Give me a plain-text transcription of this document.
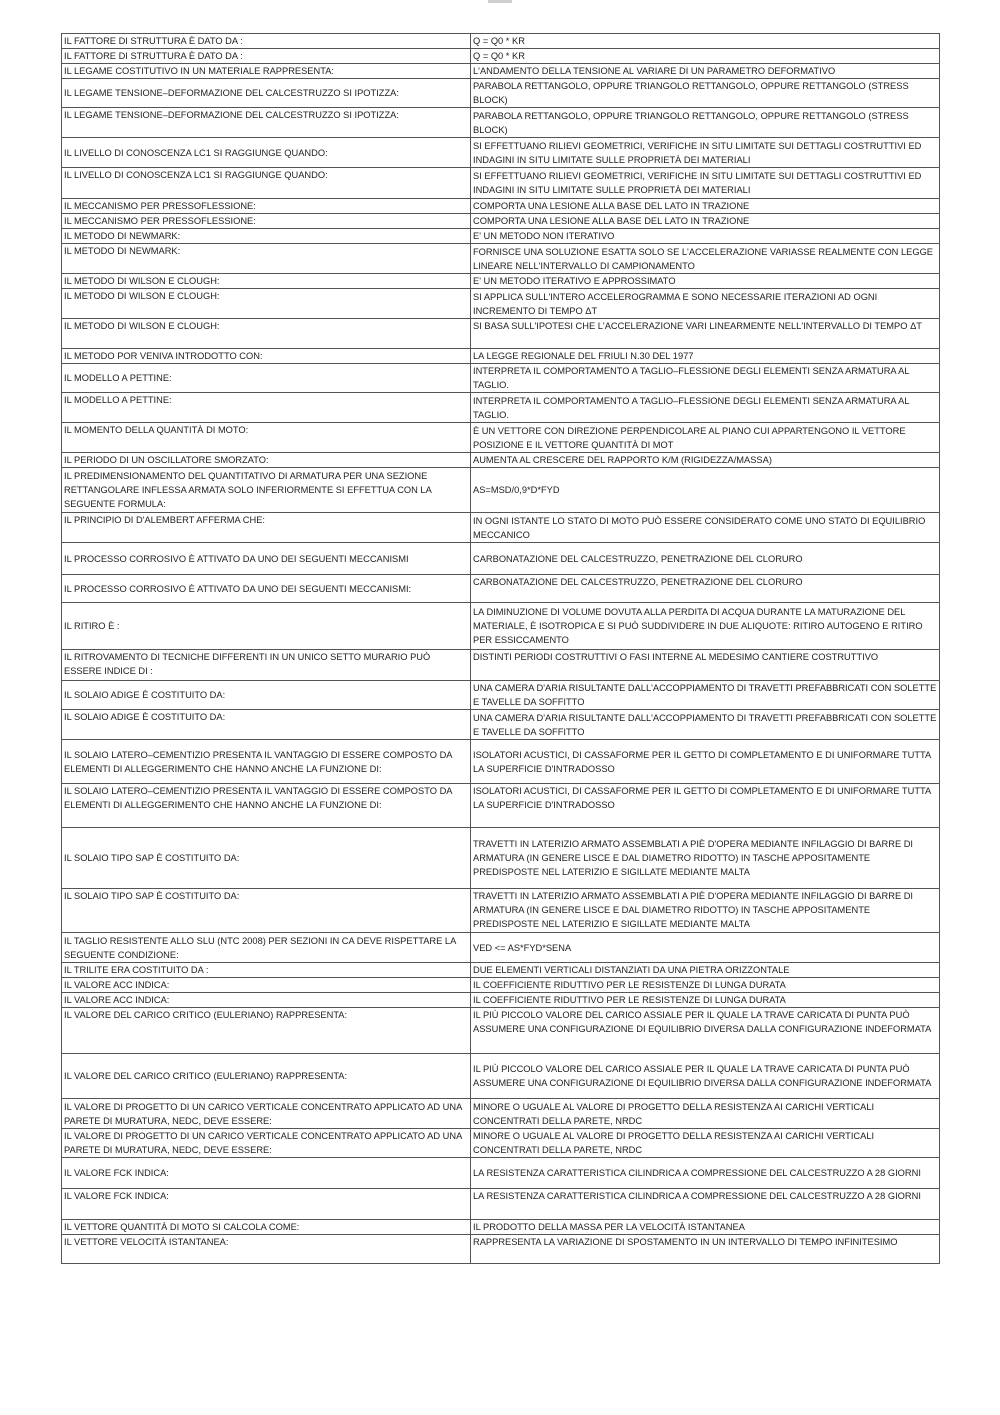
IL FATTORE DI STRUTTURA È DATO DA :	Q = Q0 * KR
IL FATTORE DI STRUTTURA È DATO DA :	Q = Q0 * KR
IL LEGAME COSTITUTIVO IN UN MATERIALE RAPPRESENTA:	L'ANDAMENTO DELLA TENSIONE AL VARIARE DI UN PARAMETRO DEFORMATIVO
IL LEGAME TENSIONE–DEFORMAZIONE DEL CALCESTRUZZO SI IPOTIZZA:	PARABOLA RETTANGOLO, OPPURE TRIANGOLO RETTANGOLO, OPPURE RETTANGOLO (STRESS BLOCK)
IL LEGAME TENSIONE–DEFORMAZIONE DEL CALCESTRUZZO SI IPOTIZZA:	PARABOLA RETTANGOLO, OPPURE TRIANGOLO RETTANGOLO, OPPURE RETTANGOLO (STRESS BLOCK)
IL LIVELLO DI CONOSCENZA LC1 SI RAGGIUNGE QUANDO:	SI EFFETTUANO RILIEVI GEOMETRICI, VERIFICHE IN SITU LIMITATE SUI DETTAGLI COSTRUTTIVI ED INDAGINI IN SITU LIMITATE SULLE PROPRIETÀ DEI MATERIALI
IL LIVELLO DI CONOSCENZA LC1 SI RAGGIUNGE QUANDO:	SI EFFETTUANO RILIEVI GEOMETRICI, VERIFICHE IN SITU LIMITATE SUI DETTAGLI COSTRUTTIVI ED INDAGINI IN SITU LIMITATE SULLE PROPRIETÀ DEI MATERIALI
IL MECCANISMO PER PRESSOFLESSIONE:	COMPORTA UNA LESIONE ALLA BASE DEL LATO IN TRAZIONE
IL MECCANISMO PER PRESSOFLESSIONE:	COMPORTA UNA LESIONE ALLA BASE DEL LATO IN TRAZIONE
IL METODO DI NEWMARK:	E' UN METODO NON ITERATIVO
IL METODO DI NEWMARK:	FORNISCE UNA SOLUZIONE ESATTA SOLO SE L'ACCELERAZIONE VARIASSE REALMENTE CON LEGGE LINEARE NELL'INTERVALLO DI CAMPIONAMENTO
IL METODO DI WILSON E CLOUGH:	E' UN METODO ITERATIVO E APPROSSIMATO
IL METODO DI WILSON E CLOUGH:	SI APPLICA SULL'INTERO ACCELEROGRAMMA E SONO NECESSARIE ITERAZIONI AD OGNI INCREMENTO DI TEMPO ΔT
IL METODO DI WILSON E CLOUGH:	SI BASA SULL'IPOTESI CHE L'ACCELERAZIONE VARI LINEARMENTE NELL'INTERVALLO DI TEMPO ΔT
IL METODO POR VENIVA INTRODOTTO CON:	LA LEGGE REGIONALE DEL FRIULI N.30 DEL 1977
IL MODELLO A PETTINE:	INTERPRETA IL COMPORTAMENTO A TAGLIO–FLESSIONE DEGLI ELEMENTI SENZA ARMATURA AL TAGLIO.
IL MODELLO A PETTINE:	INTERPRETA IL COMPORTAMENTO A TAGLIO–FLESSIONE DEGLI ELEMENTI SENZA ARMATURA AL TAGLIO.
IL MOMENTO DELLA QUANTITÀ DI MOTO:	È UN VETTORE CON DIREZIONE PERPENDICOLARE AL PIANO CUI APPARTENGONO IL VETTORE POSIZIONE E IL VETTORE QUANTITÀ DI MOT
IL PERIODO DI UN OSCILLATORE SMORZATO:	AUMENTA AL CRESCERE DEL RAPPORTO K/M (RIGIDEZZA/MASSA)
IL PREDIMENSIONAMENTO DEL QUANTITATIVO DI ARMATURA PER UNA SEZIONE RETTANGOLARE INFLESSA ARMATA SOLO INFERIORMENTE SI EFFETTUA CON LA SEGUENTE FORMULA:	AS=MSD/0,9*D*FYD
IL PRINCIPIO DI D'ALEMBERT AFFERMA CHE:	IN OGNI ISTANTE LO STATO DI MOTO PUÒ ESSERE CONSIDERATO COME UNO STATO DI EQUILIBRIO MECCANICO
IL PROCESSO CORROSIVO È ATTIVATO DA UNO DEI SEGUENTI MECCANISMI	CARBONATAZIONE DEL CALCESTRUZZO, PENETRAZIONE DEL CLORURO
IL PROCESSO CORROSIVO È ATTIVATO DA UNO DEI SEGUENTI MECCANISMI:	CARBONATAZIONE DEL CALCESTRUZZO, PENETRAZIONE DEL CLORURO
IL RITIRO È :	LA DIMINUZIONE DI VOLUME DOVUTA ALLA PERDITA DI ACQUA DURANTE LA MATURAZIONE DEL MATERIALE, È ISOTROPICA E SI PUÒ SUDDIVIDERE IN DUE ALIQUOTE: RITIRO AUTOGENO E RITIRO PER ESSICCAMENTO
IL RITROVAMENTO DI TECNICHE DIFFERENTI IN UN UNICO SETTO MURARIO PUÒ ESSERE INDICE DI :	DISTINTI PERIODI COSTRUTTIVI O FASI INTERNE AL MEDESIMO CANTIERE COSTRUTTIVO
IL SOLAIO ADIGE È COSTITUITO DA:	UNA CAMERA D'ARIA RISULTANTE DALL'ACCOPPIAMENTO DI TRAVETTI PREFABBRICATI CON SOLETTE E TAVELLE DA SOFFITTO
IL SOLAIO ADIGE È COSTITUITO DA:	UNA CAMERA D'ARIA RISULTANTE DALL'ACCOPPIAMENTO DI TRAVETTI PREFABBRICATI CON SOLETTE E TAVELLE DA SOFFITTO
IL SOLAIO LATERO–CEMENTIZIO PRESENTA IL VANTAGGIO DI ESSERE COMPOSTO DA ELEMENTI DI ALLEGGERIMENTO CHE HANNO ANCHE LA FUNZIONE DI:	ISOLATORI ACUSTICI, DI CASSAFORME PER IL GETTO DI COMPLETAMENTO E DI UNIFORMARE TUTTA LA SUPERFICIE D'INTRADOSSO
IL SOLAIO LATERO–CEMENTIZIO PRESENTA IL VANTAGGIO DI ESSERE COMPOSTO DA ELEMENTI DI ALLEGGERIMENTO CHE HANNO ANCHE LA FUNZIONE DI:	ISOLATORI ACUSTICI, DI CASSAFORME PER IL GETTO DI COMPLETAMENTO E DI UNIFORMARE TUTTA LA SUPERFICIE D'INTRADOSSO
IL SOLAIO TIPO SAP È COSTITUITO DA:	TRAVETTI IN LATERIZIO ARMATO ASSEMBLATI A PIÈ D'OPERA MEDIANTE INFILAGGIO DI BARRE DI ARMATURA (IN GENERE LISCE E DAL DIAMETRO RIDOTTO) IN TASCHE APPOSITAMENTE PREDISPOSTE NEL LATERIZIO E SIGILLATE MEDIANTE MALTA
IL SOLAIO TIPO SAP È COSTITUITO DA:	TRAVETTI IN LATERIZIO ARMATO ASSEMBLATI A PIÈ D'OPERA MEDIANTE INFILAGGIO DI BARRE DI ARMATURA (IN GENERE LISCE E DAL DIAMETRO RIDOTTO) IN TASCHE APPOSITAMENTE PREDISPOSTE NEL LATERIZIO E SIGILLATE MEDIANTE MALTA
IL TAGLIO RESISTENTE ALLO SLU (NTC 2008) PER SEZIONI IN CA DEVE RISPETTARE LA SEGUENTE CONDIZIONE:	VED <= AS*FYD*SENA
IL TRILITE ERA COSTITUITO DA :	DUE ELEMENTI VERTICALI DISTANZIATI DA UNA PIETRA ORIZZONTALE
IL VALORE ACC INDICA:	IL COEFFICIENTE RIDUTTIVO PER LE RESISTENZE DI LUNGA DURATA
IL VALORE ACC INDICA:	IL COEFFICIENTE RIDUTTIVO PER LE RESISTENZE DI LUNGA DURATA
IL VALORE DEL CARICO CRITICO (EULERIANO) RAPPRESENTA:	IL PIÙ PICCOLO VALORE DEL CARICO ASSIALE PER IL QUALE LA TRAVE CARICATA DI PUNTA PUÒ ASSUMERE UNA CONFIGURAZIONE DI EQUILIBRIO DIVERSA DALLA CONFIGURAZIONE INDEFORMATA
IL VALORE DEL CARICO CRITICO (EULERIANO) RAPPRESENTA:	IL PIÙ PICCOLO VALORE DEL CARICO ASSIALE PER IL QUALE LA TRAVE CARICATA DI PUNTA PUÒ ASSUMERE UNA CONFIGURAZIONE DI EQUILIBRIO DIVERSA DALLA CONFIGURAZIONE INDEFORMATA
IL VALORE DI PROGETTO DI UN CARICO VERTICALE CONCENTRATO APPLICATO AD UNA PARETE DI MURATURA, NEDC, DEVE ESSERE:	MINORE O UGUALE AL VALORE DI PROGETTO DELLA RESISTENZA AI CARICHI VERTICALI CONCENTRATI DELLA PARETE, NRDC
IL VALORE DI PROGETTO DI UN CARICO VERTICALE CONCENTRATO APPLICATO AD UNA PARETE DI MURATURA, NEDC, DEVE ESSERE:	MINORE O UGUALE AL VALORE DI PROGETTO DELLA RESISTENZA AI CARICHI VERTICALI CONCENTRATI DELLA PARETE, NRDC
IL VALORE FCK INDICA:	LA RESISTENZA CARATTERISTICA CILINDRICA A COMPRESSIONE DEL CALCESTRUZZO A 28 GIORNI
IL VALORE FCK INDICA:	LA RESISTENZA CARATTERISTICA CILINDRICA A COMPRESSIONE DEL CALCESTRUZZO A 28 GIORNI
IL VETTORE QUANTITÀ DI MOTO SI CALCOLA COME:	IL PRODOTTO DELLA MASSA PER LA VELOCITÀ ISTANTANEA
IL VETTORE VELOCITÀ ISTANTANEA:	RAPPRESENTA LA VARIAZIONE DI SPOSTAMENTO IN UN INTERVALLO DI TEMPO INFINITESIMO
